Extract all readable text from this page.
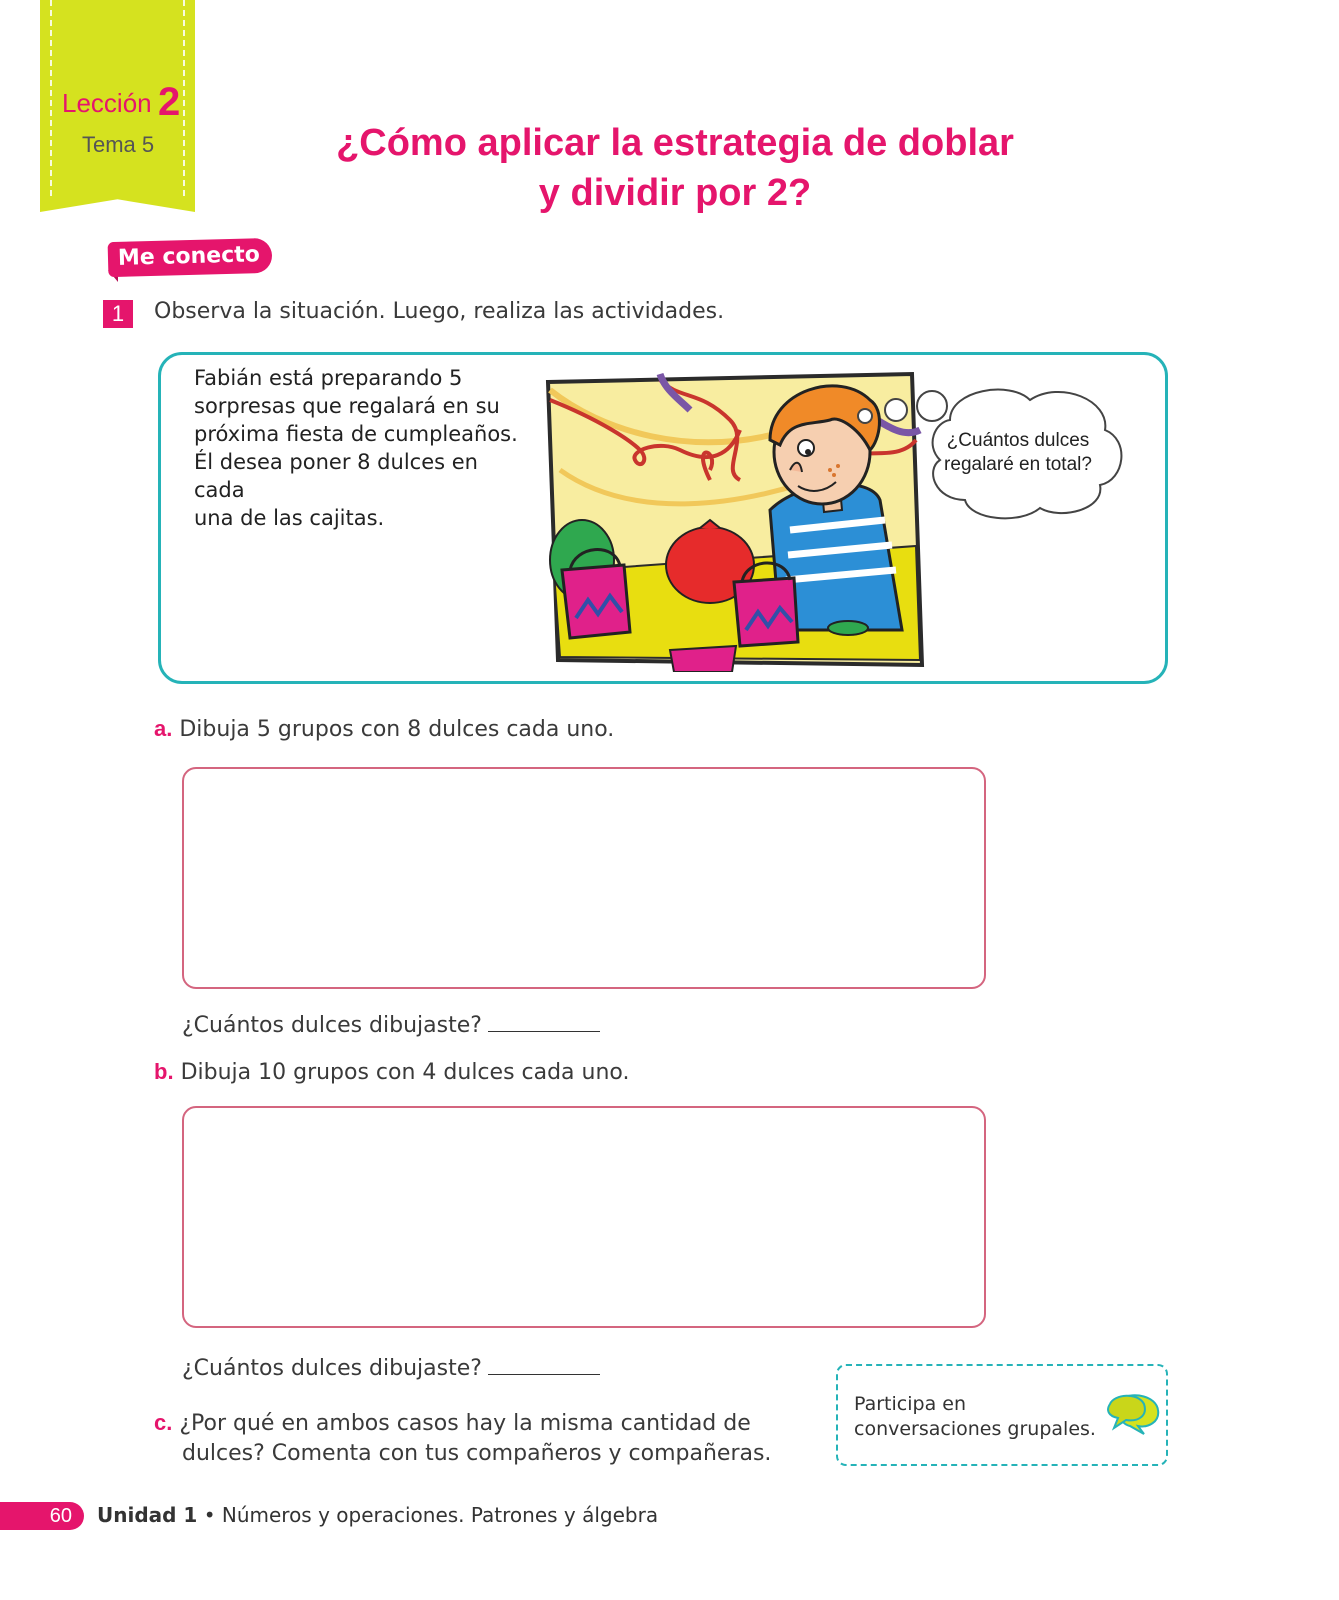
Lección 2
Tema 5	¿Cómo aplicar la estrategia de doblar
y dividir por 2?
Me conecto
1	Observa la situación. Luego, realiza las actividades.
Fabián está preparando 5
sorpresas que regalará en su
próxima fiesta de cumpleaños.
Él desea poner 8 dulces en cada
una de las cajitas.
¿Cuántos dulces
regalaré en total?
a. Dibuja 5 grupos con 8 dulces cada uno.
¿Cuántos dulces dibujaste?
b. Dibuja 10 grupos con 4 dulces cada uno.
¿Cuántos dulces dibujaste?
c. ¿Por qué en ambos casos hay la misma cantidad de
dulces? Comenta con tus compañeros y compañeras.
Participa en
conversaciones grupales.
60	Unidad 1 • Números y operaciones. Patrones y álgebra
